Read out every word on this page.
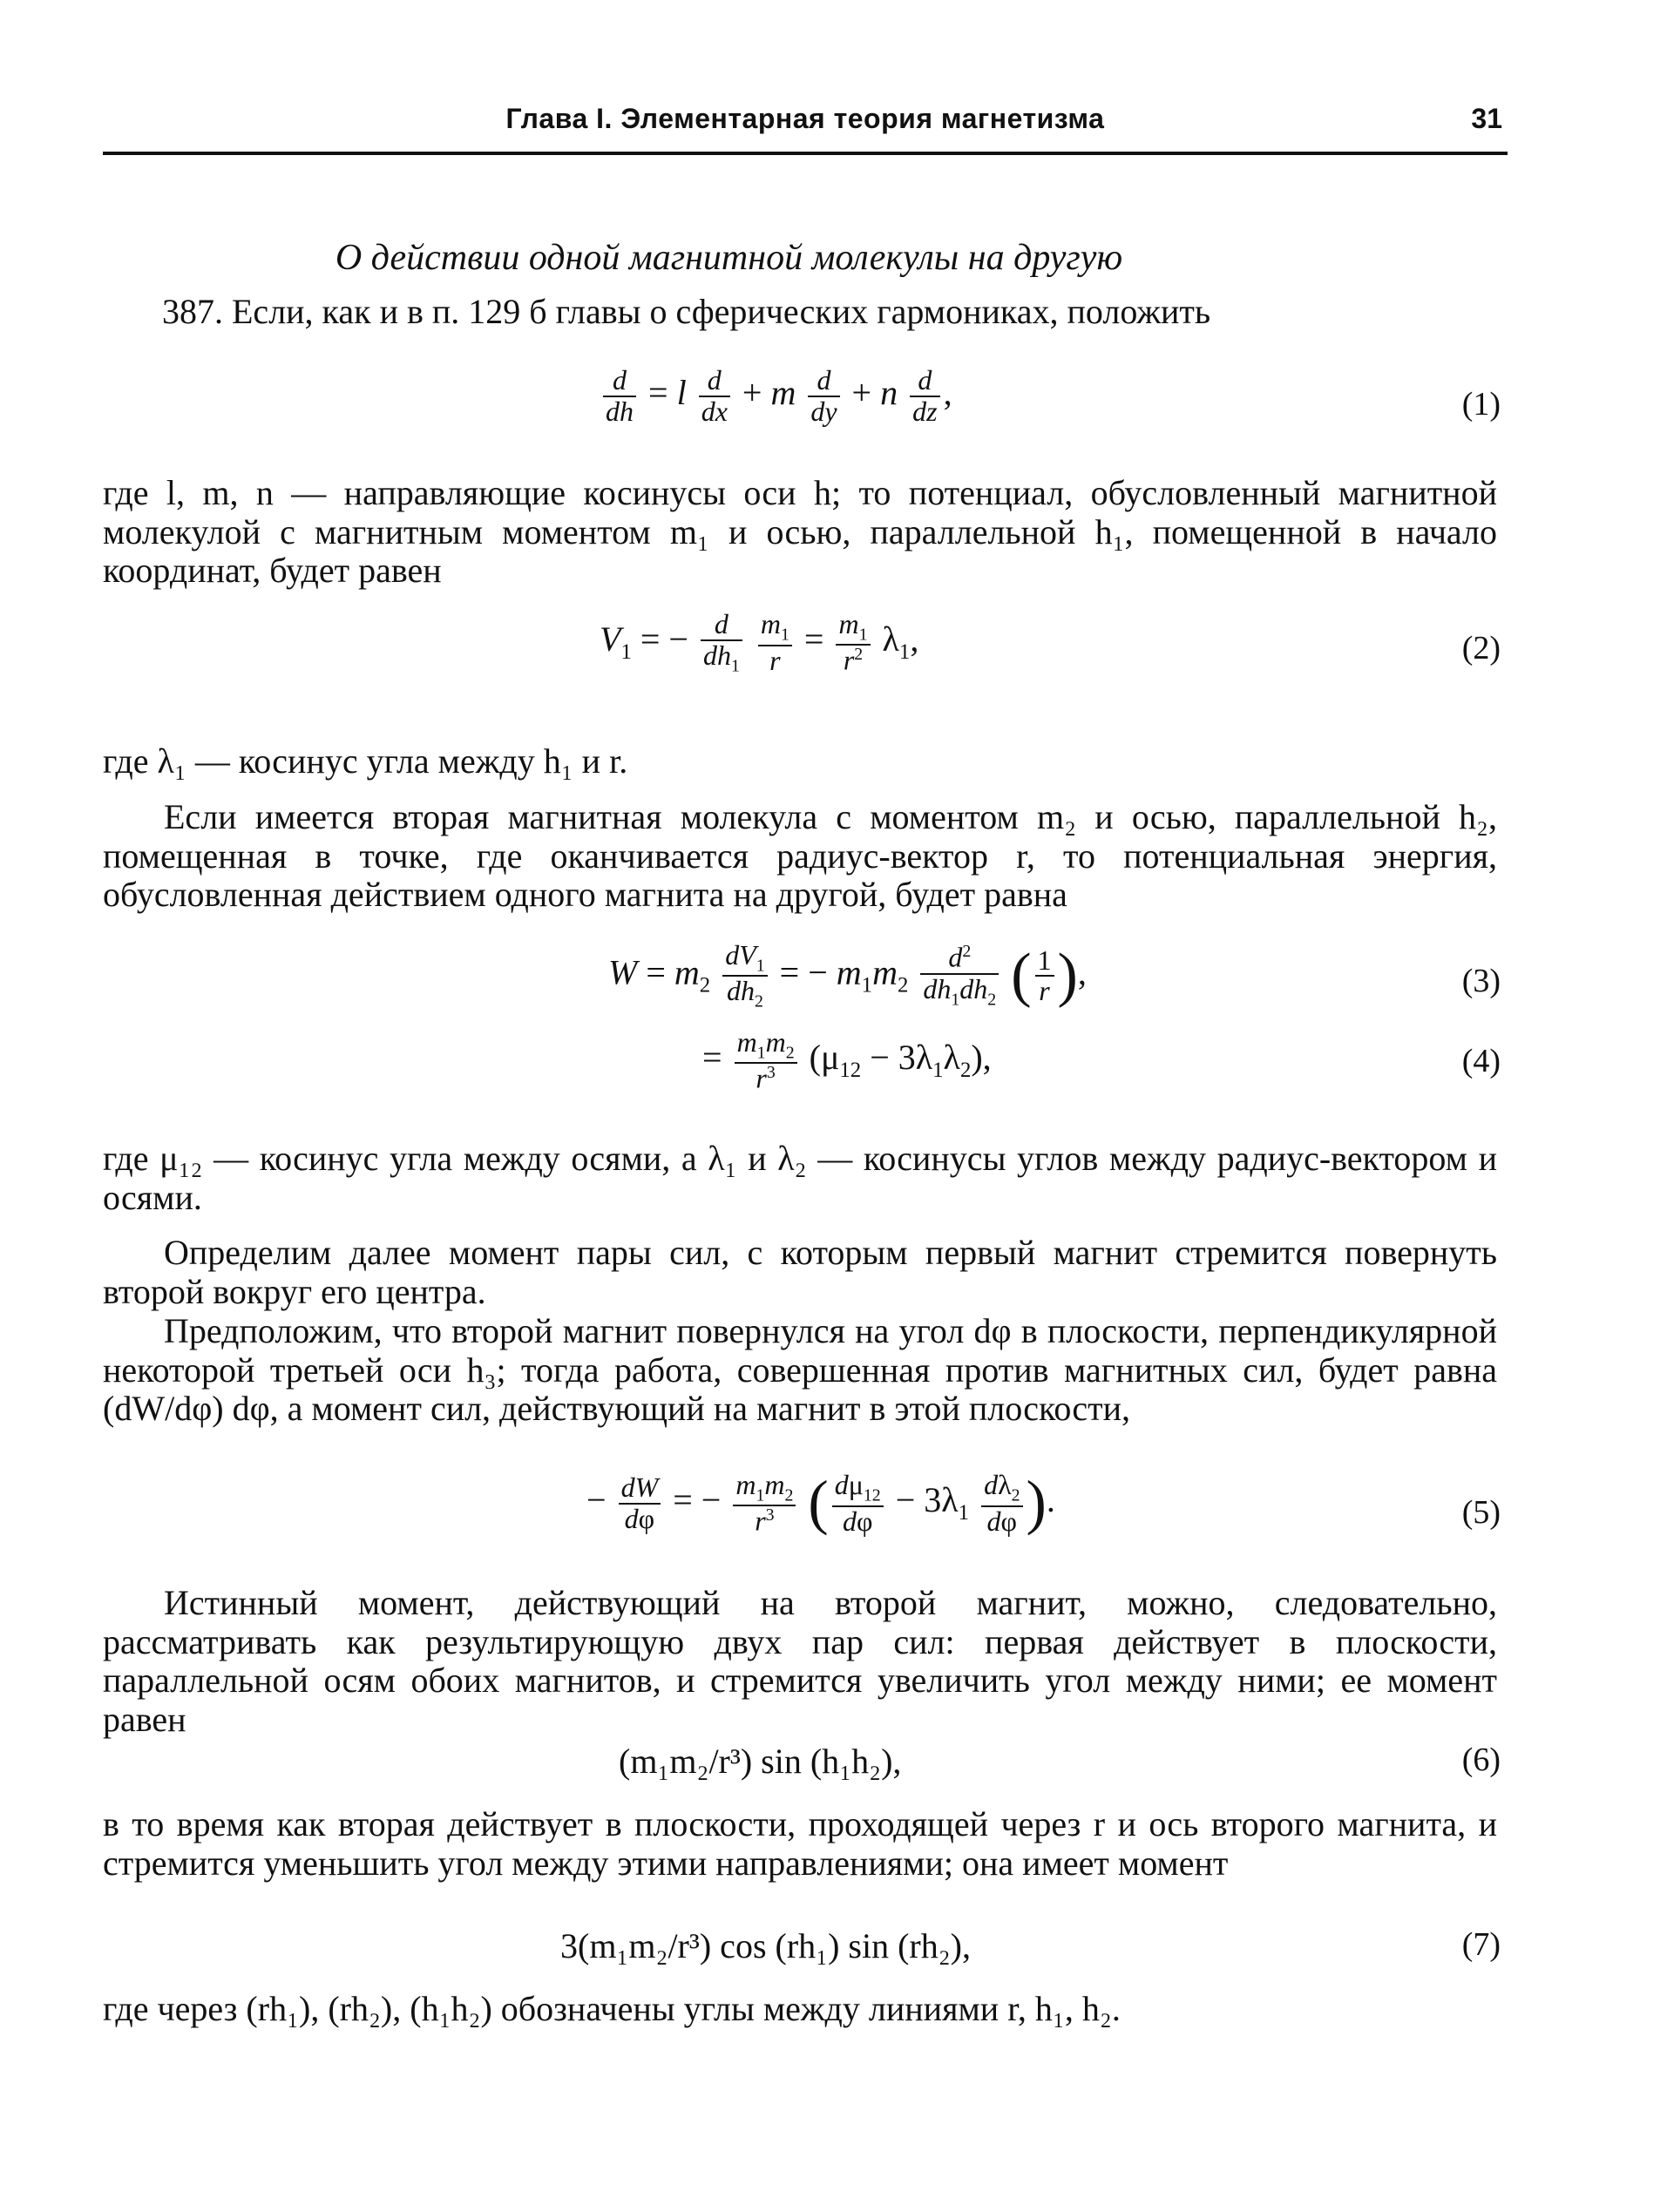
Глава I. Элементарная теория магнетизма	31
О действии одной магнитной молекулы на другую
387. Если, как и в п. 129 б главы о сферических гармониках, положить
$\frac{d}{dh} = l \frac{d}{dx} + m \frac{d}{dy} + n \frac{d}{dz}$ ,	(1)
где l, m, n — направляющие косинусы оси h; то потенциал, обусловленный магнитной молекулой с магнитным моментом m₁ и осью, параллельной h₁, помещенной в начало координат, будет равен
$V_1$ = − $\frac{d}{dh_1}$
$\frac{m_1}{r} = \frac{m_1}{r^2} \lambda_1$,	(2)
где λ₁ — косинус угла между h₁ и r.
Если имеется вторая магнитная молекула с моментом m₂ и осью, параллельной h₂, помещенная в точке, где оканчивается радиус-вектор r, то потенциальная энергия, обусловленная действием одного магнита на другой, будет равна
$W = m_2 \frac{dV_1}{dh_2}$ = − $m_1m_2 \frac{d^2}{dh_1dh_2}$ ( $\frac{1}{r}$ ),	(3)
= $\frac{m_1m_2}{r^3} (\mu_{12} - 3\lambda_1\lambda_2)$,	(4)
где μ₁₂ — косинус угла между осями, а λ₁ и λ₂ — косинусы углов между радиус-вектором и осями.
Определим далее момент пары сил, с которым первый магнит стремится повернуть второй вокруг его центра.
Предположим, что второй магнит повернулся на угол dφ в плоскости, перпендикулярной некоторой третьей оси h₃; тогда работа, совершенная против магнитных сил, будет равна (dW/dφ) dφ, а момент сил, действующий на магнит в этой плоскости,
− $\frac{dW}{d\varphi}$ = − $\frac{m_1m_2}{r^3}$ ( $\frac{d\mu_{12}}{d\varphi} - 3\lambda_1 \frac{d\lambda_2}{d\varphi}$ ).	(5)
Истинный момент, действующий на второй магнит, можно, следовательно, рассматривать как результирующую двух пар сил: первая действует в плоскости, параллельной осям обоих магнитов, и стремится увеличить угол между ними; ее момент равен
(m₁m₂/r³) sin (h₁h₂),	(6)
в то время как вторая действует в плоскости, проходящей через r и ось второго магнита, и стремится уменьшить угол между этими направлениями; она имеет момент
3(m₁m₂/r³) cos (rh₁) sin (rh₂),	(7)
где через (rh₁), (rh₂), (h₁h₂) обозначены углы между линиями r, h₁, h₂.
